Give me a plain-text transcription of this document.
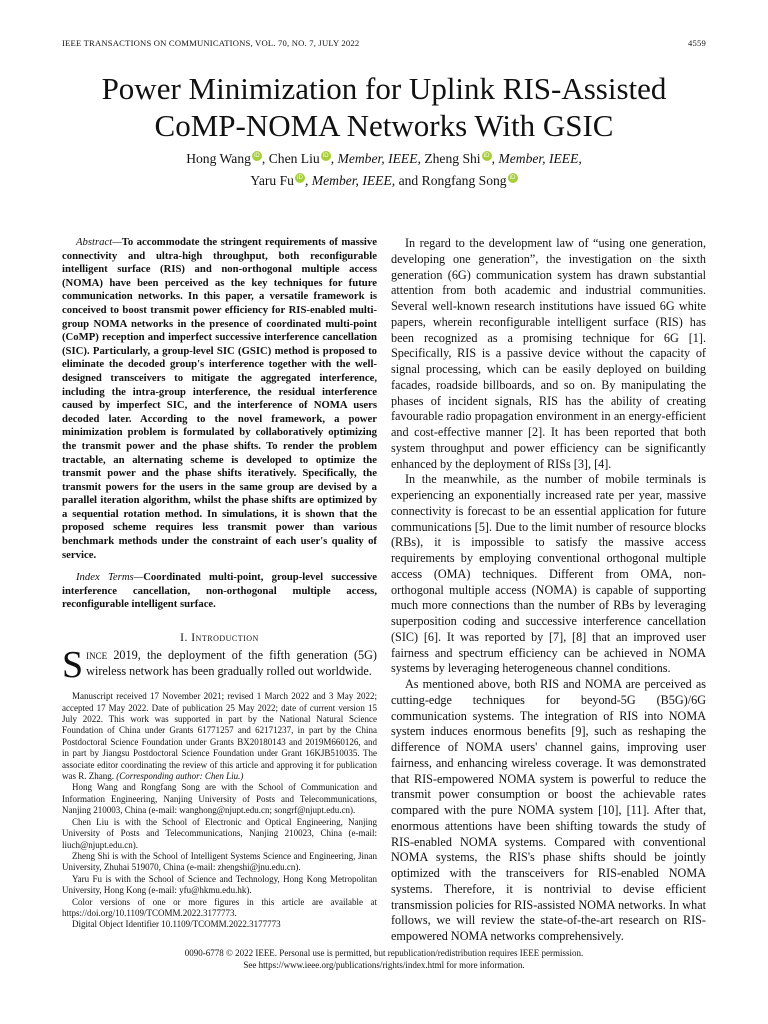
IEEE TRANSACTIONS ON COMMUNICATIONS, VOL. 70, NO. 7, JULY 2022	4559
Power Minimization for Uplink RIS-Assisted
CoMP-NOMA Networks With GSIC
Hong Wang iD , Chen Liu iD , Member, IEEE, Zheng Shi iD , Member, IEEE,
Yaru Fu iD , Member, IEEE, and Rongfang Song iD

Abstract—To accommodate the stringent requirements of massive connectivity and ultra-high throughput, both reconfigurable intelligent surface (RIS) and non-orthogonal multiple access (NOMA) have been perceived as the key techniques for future communication networks. In this paper, a versatile framework is conceived to boost transmit power efficiency for RIS-enabled multi-group NOMA networks in the presence of coordinated multi-point (CoMP) reception and imperfect successive interference cancellation (SIC). Particularly, a group-level SIC (GSIC) method is proposed to eliminate the decoded group's interference together with the well-designed transceivers to mitigate the aggregated interference, including the intra-group interference, the residual interference caused by imperfect SIC, and the interference of NOMA users decoded later. According to the novel framework, a power minimization problem is formulated by collaboratively optimizing the transmit power and the phase shifts. To render the problem tractable, an alternating scheme is developed to optimize the transmit power and the phase shifts iteratively. Specifically, the transmit powers for the users in the same group are devised by a parallel iteration algorithm, whilst the phase shifts are optimized by a sequential rotation method. In simulations, it is shown that the proposed scheme requires less transmit power than various benchmark methods under the constraint of each user's quality of service.

Index Terms—Coordinated multi-point, group-level successive interference cancellation, non-orthogonal multiple access, reconfigurable intelligent surface.

I. Introduction

Since 2019, the deployment of the fifth generation (5G) wireless network has been gradually rolled out worldwide.

Manuscript received 17 November 2021; revised 1 March 2022 and 3 May 2022; accepted 17 May 2022. Date of publication 25 May 2022; date of current version 15 July 2022. This work was supported in part by the National Natural Science Foundation of China under Grants 61771257 and 62171237, in part by the China Postdoctoral Science Foundation under Grants BX20180143 and 2019M660126, and in part by Jiangsu Postdoctoral Science Foundation under Grant 16KJB510035. The associate editor coordinating the review of this article and approving it for publication was R. Zhang. (Corresponding author: Chen Liu.)

Hong Wang and Rongfang Song are with the School of Communication and Information Engineering, Nanjing University of Posts and Telecommunications, Nanjing 210003, China (e-mail: wanghong@njupt.edu.cn; songrf@njupt.edu.cn).

Chen Liu is with the School of Electronic and Optical Engineering, Nanjing University of Posts and Telecommunications, Nanjing 210023, China (e-mail: liuch@njupt.edu.cn).

Zheng Shi is with the School of Intelligent Systems Science and Engineering, Jinan University, Zhuhai 519070, China (e-mail: zhengshi@jnu.edu.cn).

Yaru Fu is with the School of Science and Technology, Hong Kong Metropolitan University, Hong Kong (e-mail: yfu@hkmu.edu.hk).

Color versions of one or more figures in this article are available at https://doi.org/10.1109/TCOMM.2022.3177773.

Digital Object Identifier 10.1109/TCOMM.2022.3177773

In regard to the development law of “using one generation, developing one generation”, the investigation on the sixth generation (6G) communication system has drawn substantial attention from both academic and industrial communities. Several well-known research institutions have issued 6G white papers, wherein reconfigurable intelligent surface (RIS) has been recognized as a promising technique for 6G [1]. Specifically, RIS is a passive device without the capacity of signal processing, which can be easily deployed on building facades, roadside billboards, and so on. By manipulating the phases of incident signals, RIS has the ability of creating favourable radio propagation environment in an energy-efficient and cost-effective manner [2]. It has been reported that both system throughput and power efficiency can be significantly enhanced by the deployment of RISs [3], [4].

In the meanwhile, as the number of mobile terminals is experiencing an exponentially increased rate per year, massive connectivity is forecast to be an essential application for future communications [5]. Due to the limit number of resource blocks (RBs), it is impossible to satisfy the massive access requirements by employing conventional orthogonal multiple access (OMA) techniques. Different from OMA, non-orthogonal multiple access (NOMA) is capable of supporting much more connections than the number of RBs by leveraging superposition coding and successive interference cancellation (SIC) [6]. It was reported by [7], [8] that an improved user fairness and spectrum efficiency can be achieved in NOMA systems by leveraging heterogeneous channel conditions.

As mentioned above, both RIS and NOMA are perceived as cutting-edge techniques for beyond-5G (B5G)/6G communication systems. The integration of RIS into NOMA system induces enormous benefits [9], such as reshaping the difference of NOMA users' channel gains, improving user fairness, and enhancing wireless coverage. It was demonstrated that RIS-empowered NOMA system is powerful to reduce the transmit power consumption or boost the achievable rates compared with the pure NOMA system [10], [11]. After that, enormous attentions have been shifting towards the study of RIS-enabled NOMA systems. Compared with conventional NOMA systems, the RIS's phase shifts should be jointly optimized with the transceivers for RIS-enabled NOMA systems. Therefore, it is nontrivial to devise efficient transmission policies for RIS-assisted NOMA networks. In what follows, we will review the state-of-the-art research on RIS-empowered NOMA networks comprehensively.

0090-6778 © 2022 IEEE. Personal use is permitted, but republication/redistribution requires IEEE permission.
See https://www.ieee.org/publications/rights/index.html for more information.
